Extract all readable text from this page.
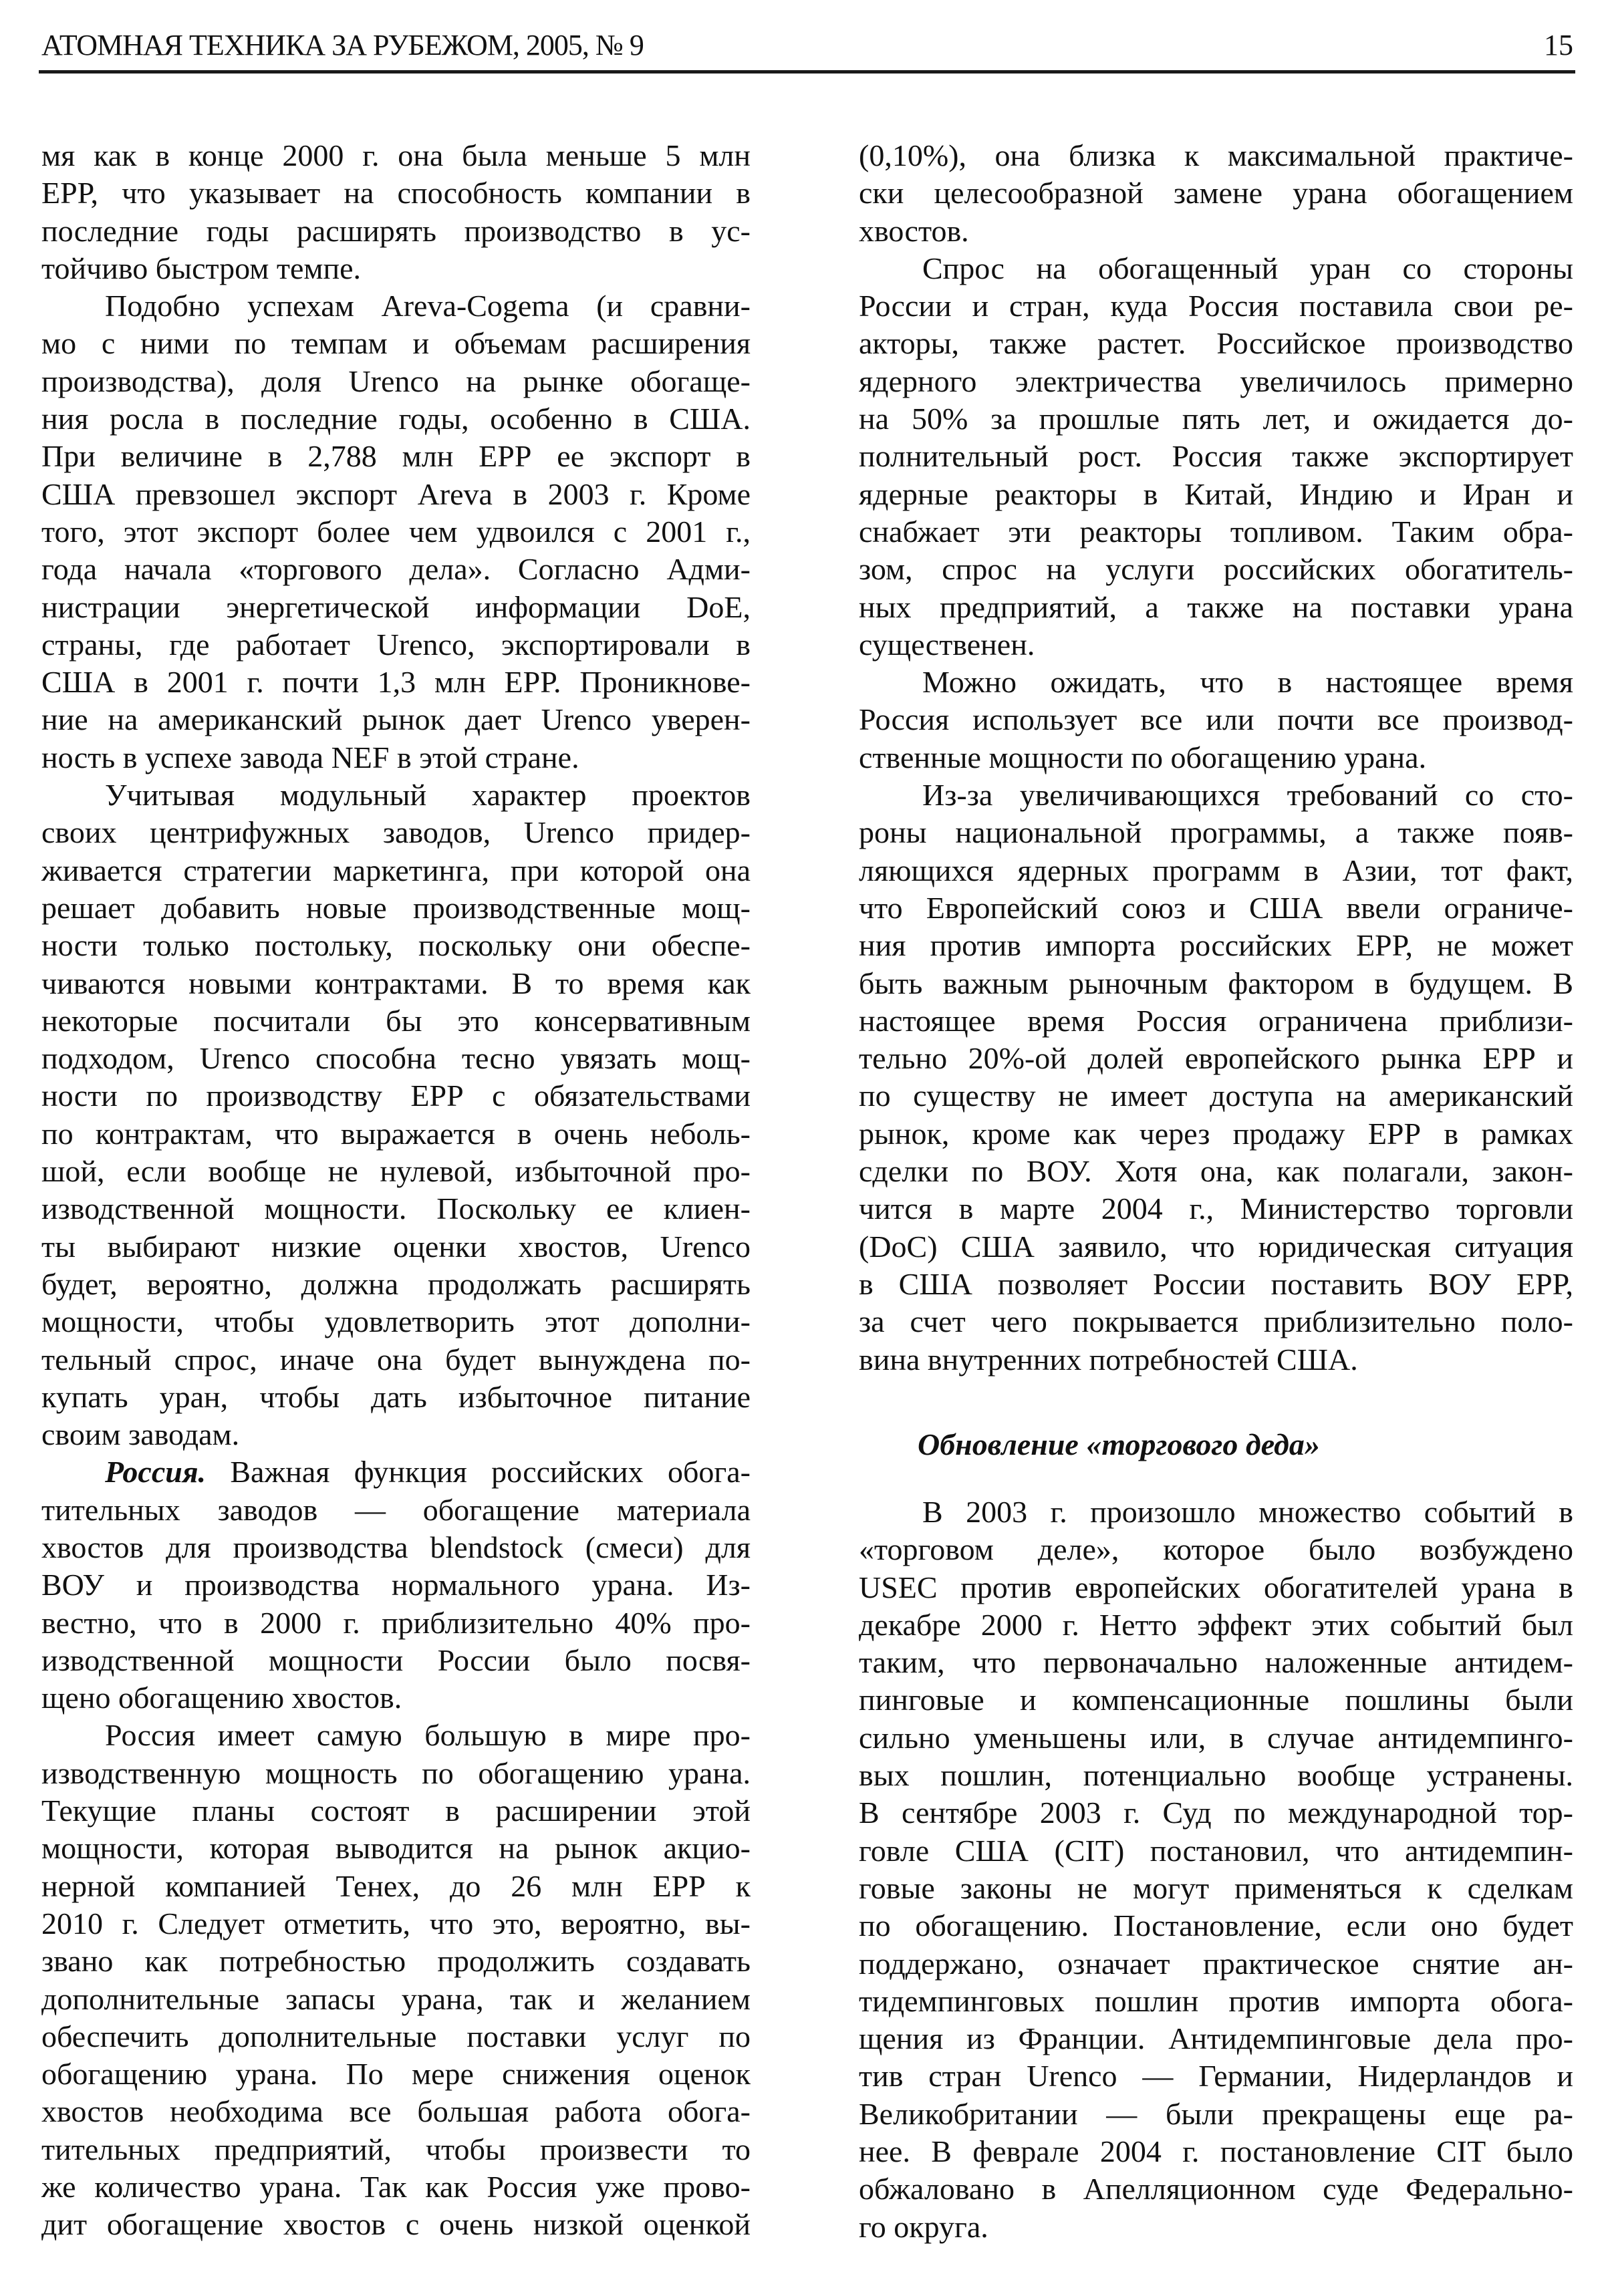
АТОМНАЯ ТЕХНИКА ЗА РУБЕЖОМ, 2005, № 9	15
мя как в конце 2000 г. она была меньше 5 млн
ЕРР, что указывает на способность компании в
последние годы расширять производство в ус-
тойчиво быстром темпе.
Подобно успехам Areva-Cogema (и сравни-
мо с ними по темпам и объемам расширения
производства), доля Urenco на рынке обогаще-
ния росла в последние годы, особенно в США.
При величине в 2,788 млн ЕРР ее экспорт в
США превзошел экспорт Areva в 2003 г. Кроме
того, этот экспорт более чем удвоился с 2001 г.,
года начала «торгового дела». Согласно Адми-
нистрации энергетической информации DoE,
страны, где работает Urenco, экспортировали в
США в 2001 г. почти 1,3 млн ЕРР. Проникнове-
ние на американский рынок дает Urenco уверен-
ность в успехе завода NEF в этой стране.
Учитывая модульный характер проектов
своих центрифужных заводов, Urenco придер-
живается стратегии маркетинга, при которой она
решает добавить новые производственные мощ-
ности только постольку, поскольку они обеспе-
чиваются новыми контрактами. В то время как
некоторые посчитали бы это консервативным
подходом, Urenco способна тесно увязать мощ-
ности по производству ЕРР с обязательствами
по контрактам, что выражается в очень неболь-
шой, если вообще не нулевой, избыточной про-
изводственной мощности. Поскольку ее клиен-
ты выбирают низкие оценки хвостов, Urenco
будет, вероятно, должна продолжать расширять
мощности, чтобы удовлетворить этот дополни-
тельный спрос, иначе она будет вынуждена по-
купать уран, чтобы дать избыточное питание
своим заводам.
Россия. Важная функция российских обога-
тительных заводов — обогащение материала
хвостов для производства blendstock (смеси) для
ВОУ и производства нормального урана. Из-
вестно, что в 2000 г. приблизительно 40% про-
изводственной мощности России было посвя-
щено обогащению хвостов.
Россия имеет самую большую в мире про-
изводственную мощность по обогащению урана.
Текущие планы состоят в расширении этой
мощности, которая выводится на рынок акцио-
нерной компанией Тенех, до 26 млн ЕРР к
2010 г. Следует отметить, что это, вероятно, вы-
звано как потребностью продолжить создавать
дополнительные запасы урана, так и желанием
обеспечить дополнительные поставки услуг по
обогащению урана. По мере снижения оценок
хвостов необходима все большая работа обога-
тительных предприятий, чтобы произвести то
же количество урана. Так как Россия уже прово-
дит обогащение хвостов с очень низкой оценкой
(0,10%), она близка к максимальной практиче-
ски целесообразной замене урана обогащением
хвостов.
Спрос на обогащенный уран со стороны
России и стран, куда Россия поставила свои ре-
акторы, также растет. Российское производство
ядерного электричества увеличилось примерно
на 50% за прошлые пять лет, и ожидается до-
полнительный рост. Россия также экспортирует
ядерные реакторы в Китай, Индию и Иран и
снабжает эти реакторы топливом. Таким обра-
зом, спрос на услуги российских обогатитель-
ных предприятий, а также на поставки урана
существенен.
Можно ожидать, что в настоящее время
Россия использует все или почти все производ-
ственные мощности по обогащению урана.
Из-за увеличивающихся требований со сто-
роны национальной программы, а также появ-
ляющихся ядерных программ в Азии, тот факт,
что Европейский союз и США ввели ограниче-
ния против импорта российских ЕРР, не может
быть важным рыночным фактором в будущем. В
настоящее время Россия ограничена приблизи-
тельно 20%-ой долей европейского рынка ЕРР и
по существу не имеет доступа на американский
рынок, кроме как через продажу ЕРР в рамках
сделки по ВОУ. Хотя она, как полагали, закон-
чится в марте 2004 г., Министерство торговли
(DoC) США заявило, что юридическая ситуация
в США позволяет России поставить ВОУ ЕРР,
за счет чего покрывается приблизительно поло-
вина внутренних потребностей США.
Обновление «торгового деда»
В 2003 г. произошло множество событий в
«торговом деле», которое было возбуждено
USEC против европейских обогатителей урана в
декабре 2000 г. Нетто эффект этих событий был
таким, что первоначально наложенные антидем-
пинговые и компенсационные пошлины были
сильно уменьшены или, в случае антидемпинго-
вых пошлин, потенциально вообще устранены.
В сентябре 2003 г. Суд по международной тор-
говле США (CIT) постановил, что антидемпин-
говые законы не могут применяться к сделкам
по обогащению. Постановление, если оно будет
поддержано, означает практическое снятие ан-
тидемпинговых пошлин против импорта обога-
щения из Франции. Антидемпинговые дела про-
тив стран Urenco — Германии, Нидерландов и
Великобритании — были прекращены еще ра-
нее. В феврале 2004 г. постановление CIT было
обжаловано в Апелляционном суде Федерально-
го округа.
